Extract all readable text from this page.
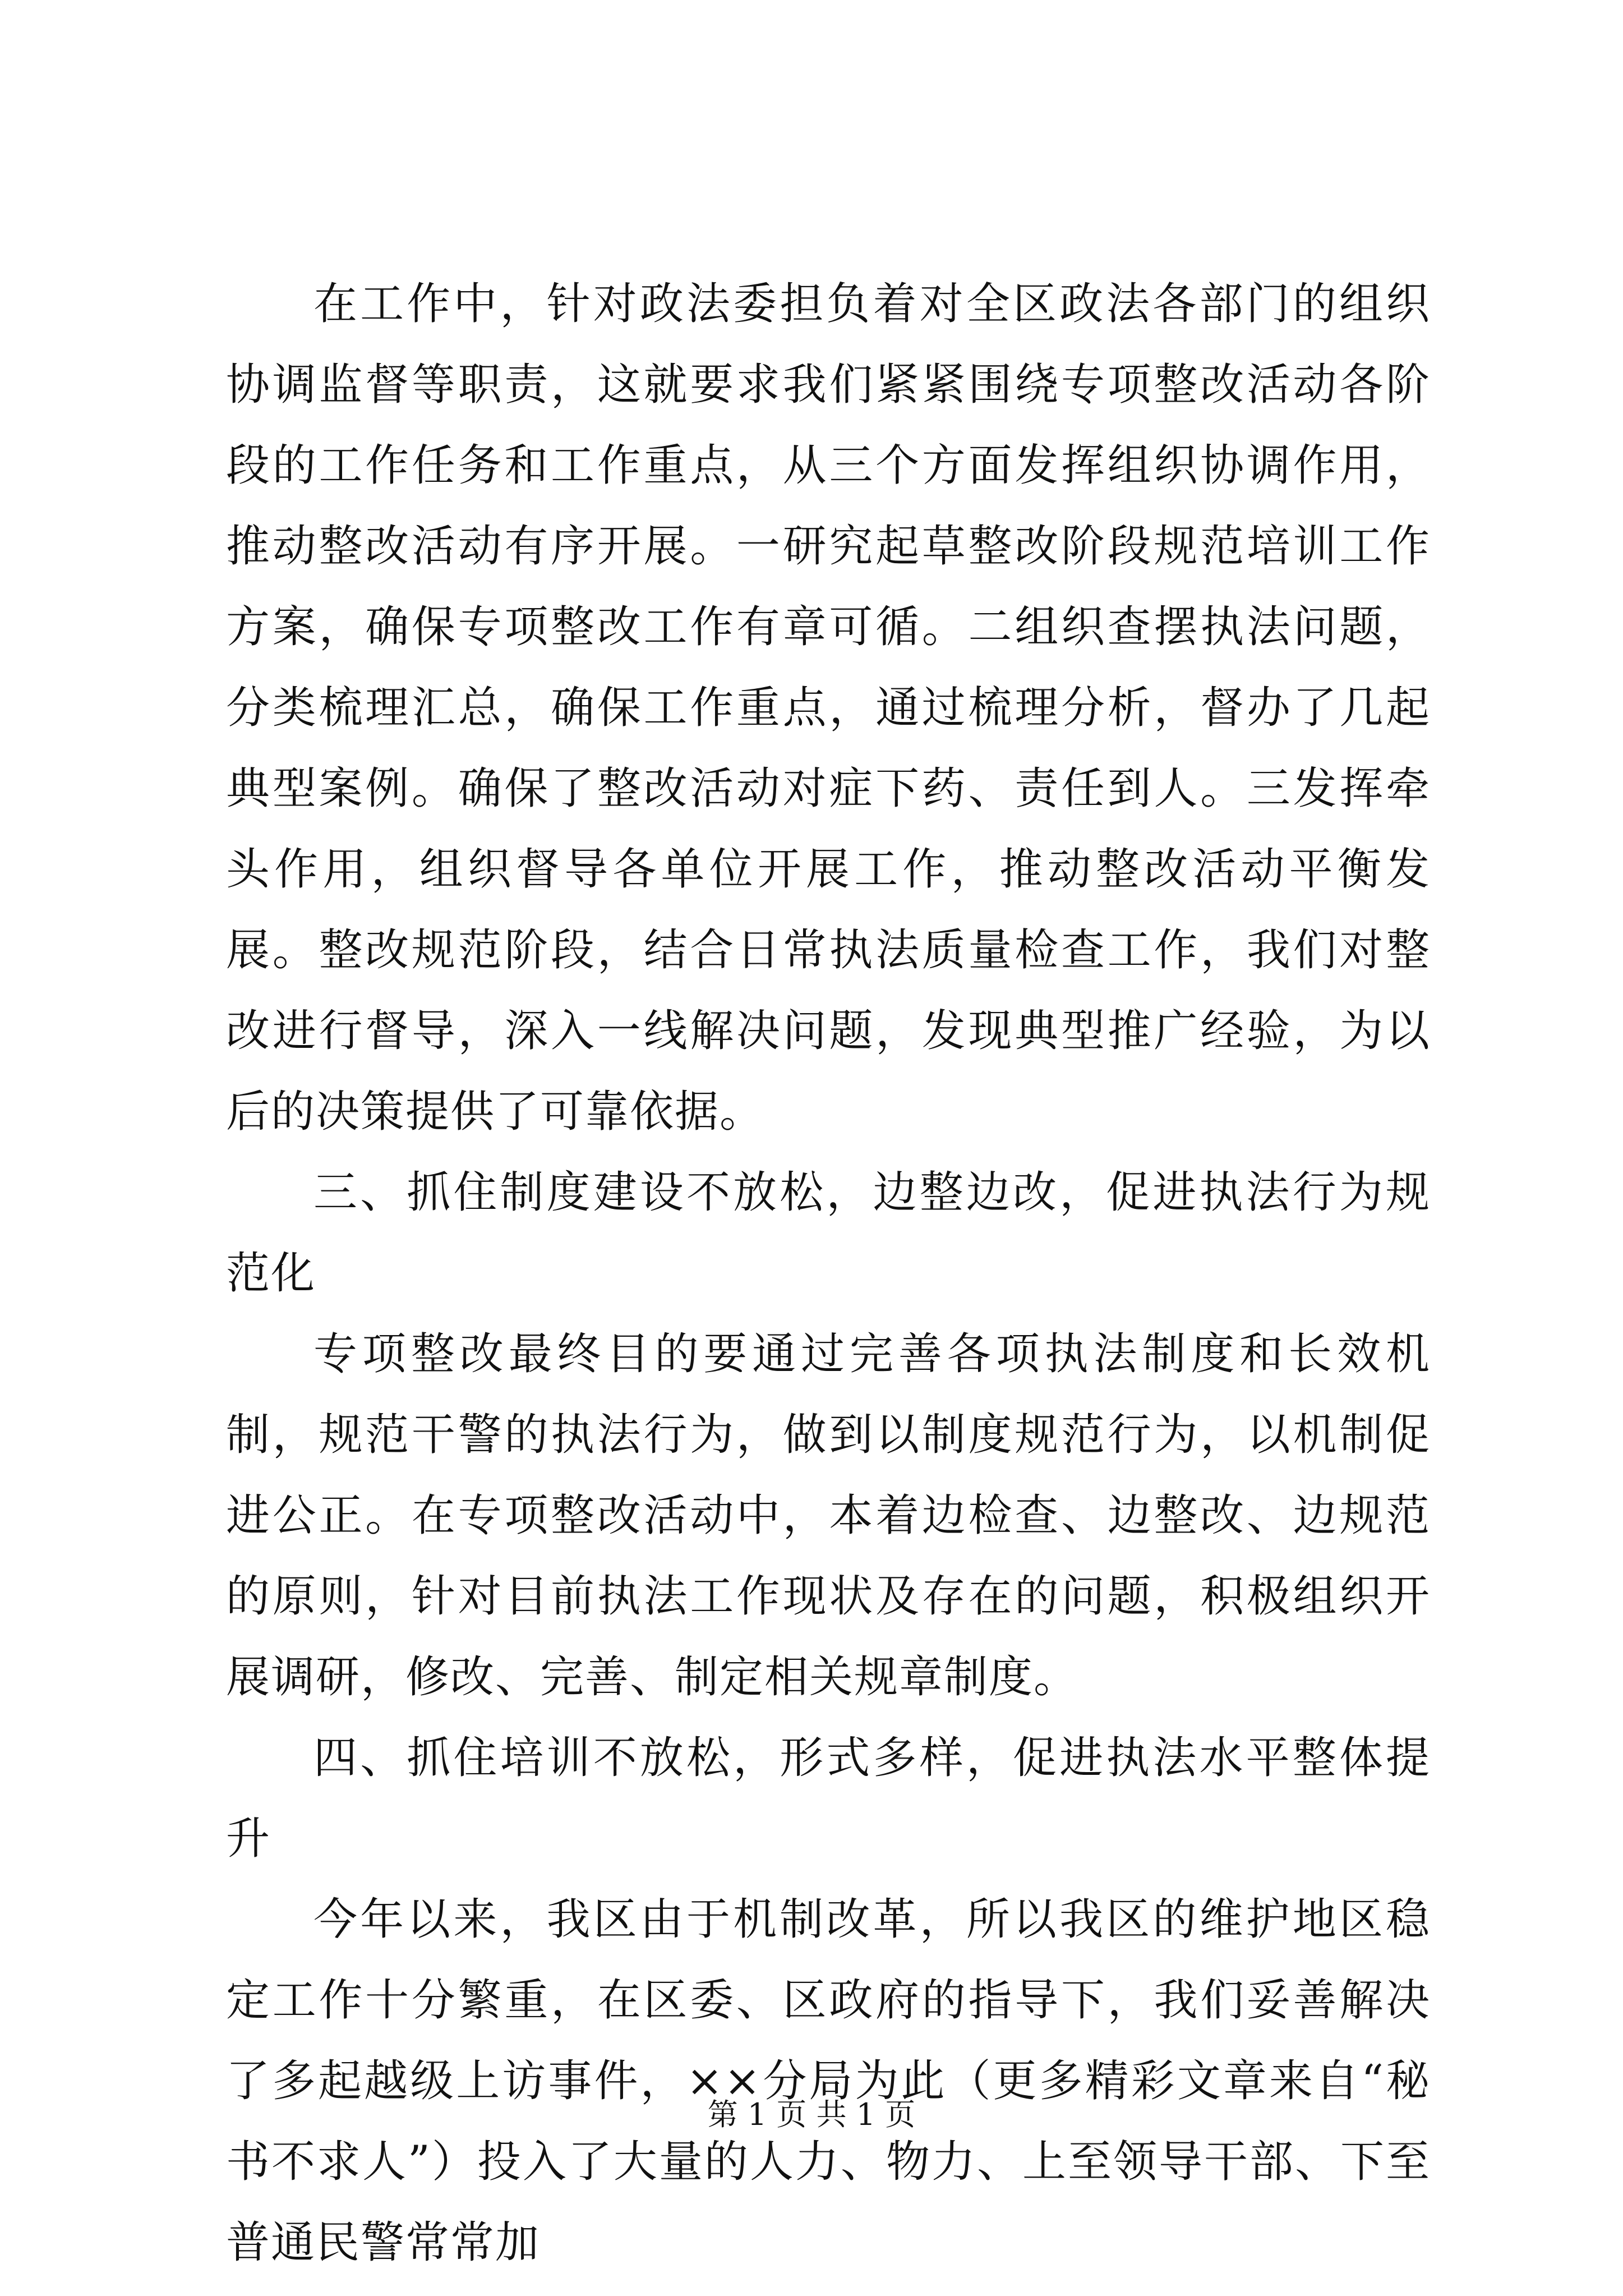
在工作中，针对政法委担负着对全区政法各部门的组织协调监督等职责，这就要求我们紧紧围绕专项整改活动各阶段的工作任务和工作重点，从三个方面发挥组织协调作用，推动整改活动有序开展。一研究起草整改阶段规范培训工作方案，确保专项整改工作有章可循。二组织查摆执法问题，分类梳理汇总，确保工作重点，通过梳理分析，督办了几起典型案例。确保了整改活动对症下药、责任到人。三发挥牵头作用，组织督导各单位开展工作，推动整改活动平衡发展。整改规范阶段，结合日常执法质量检查工作，我们对整改进行督导，深入一线解决问题，发现典型推广经验，为以后的决策提供了可靠依据。

三、抓住制度建设不放松，边整边改，促进执法行为规范化

专项整改最终目的要通过完善各项执法制度和长效机制，规范干警的执法行为，做到以制度规范行为，以机制促进公正。在专项整改活动中，本着边检查、边整改、边规范的原则，针对目前执法工作现状及存在的问题，积极组织开展调研，修改、完善、制定相关规章制度。

四、抓住培训不放松，形式多样，促进执法水平整体提升

今年以来，我区由于机制改革，所以我区的维护地区稳定工作十分繁重，在区委、区政府的指导下，我们妥善解决了多起越级上访事件，××分局为此（更多精彩文章来自“秘书不求人”）投入了大量的人力、物力、上至领导干部、下至普通民警常常加

第 1 页 共 1 页
